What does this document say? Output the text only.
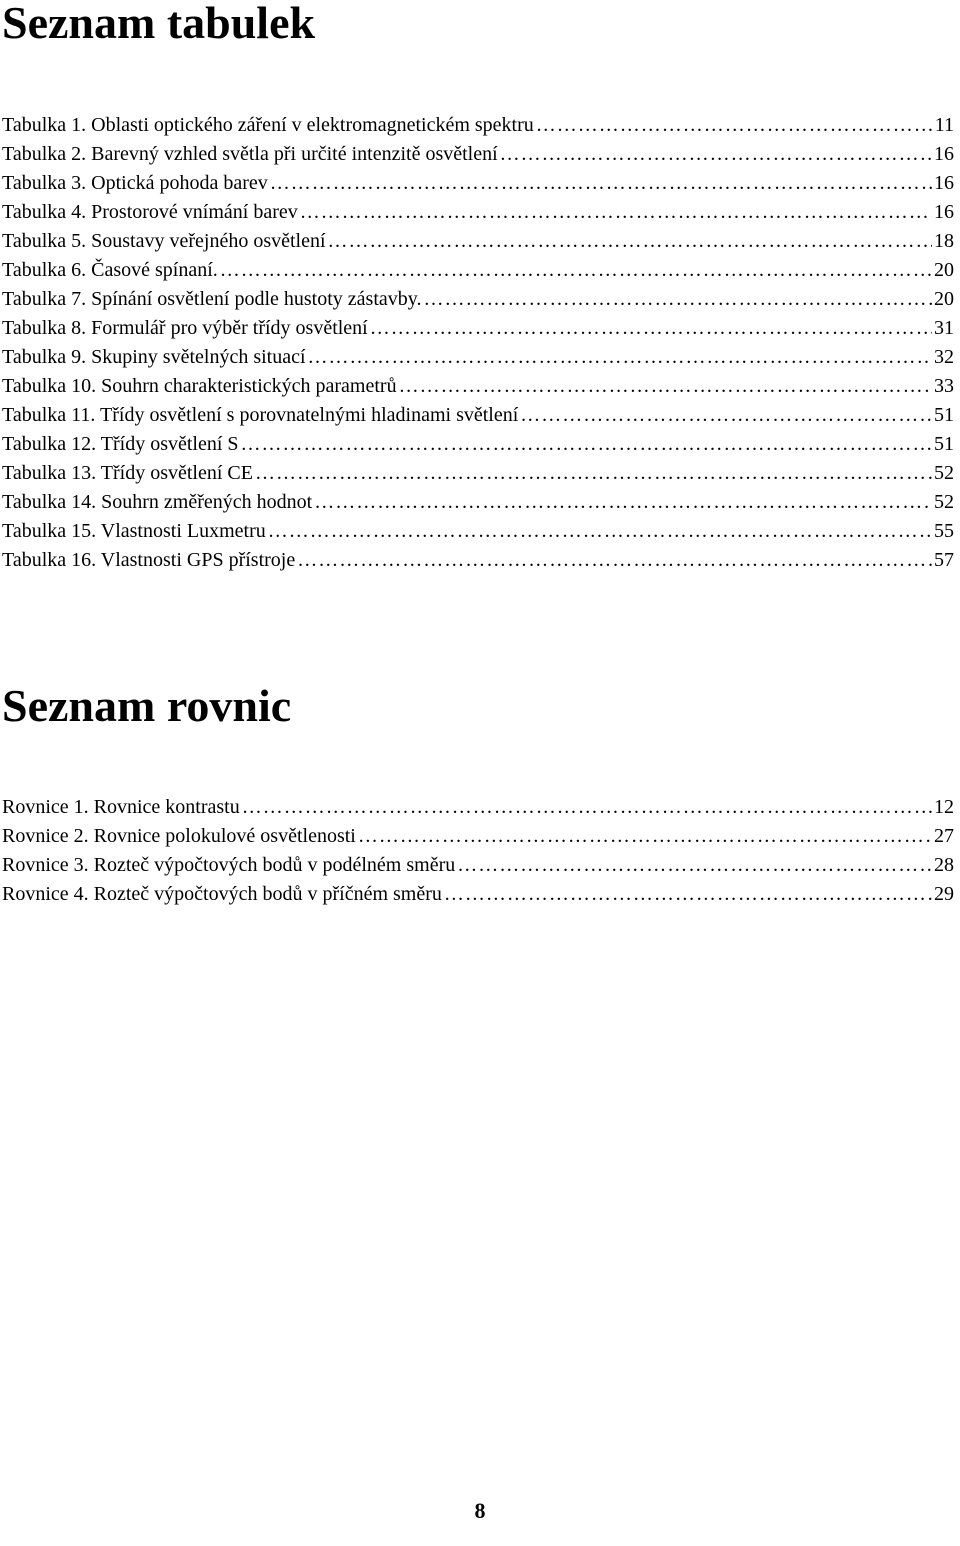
Seznam tabulek
Tabulka 1. Oblasti optického záření v elektromagnetickém spektru …………………………………………………………………………………………………………………………………………………………………………………………………	11
Tabulka 2. Barevný vzhled světla při určité intenzitě osvětlení …………………………………………………………………………………………………………………………………………………………………………………………………	16
Tabulka 3. Optická pohoda barev …………………………………………………………………………………………………………………………………………………………………………………………………	16
Tabulka 4. Prostorové vnímání barev …………………………………………………………………………………………………………………………………………………………………………………………………	16
Tabulka 5. Soustavy veřejného osvětlení …………………………………………………………………………………………………………………………………………………………………………………………………	18
Tabulka 6. Časové spínaní. …………………………………………………………………………………………………………………………………………………………………………………………………	20
Tabulka 7. Spínání osvětlení podle hustoty zástavby. …………………………………………………………………………………………………………………………………………………………………………………………………	20
Tabulka 8. Formulář pro výběr třídy osvětlení …………………………………………………………………………………………………………………………………………………………………………………………………	31
Tabulka 9. Skupiny světelných situací …………………………………………………………………………………………………………………………………………………………………………………………………	32
Tabulka 10. Souhrn charakteristických parametrů …………………………………………………………………………………………………………………………………………………………………………………………………	33
Tabulka 11. Třídy osvětlení s porovnatelnými hladinami světlení …………………………………………………………………………………………………………………………………………………………………………………………………	51
Tabulka 12. Třídy osvětlení S …………………………………………………………………………………………………………………………………………………………………………………………………	51
Tabulka 13. Třídy osvětlení CE …………………………………………………………………………………………………………………………………………………………………………………………………	52
Tabulka 14. Souhrn změřených hodnot …………………………………………………………………………………………………………………………………………………………………………………………………	52
Tabulka 15. Vlastnosti Luxmetru …………………………………………………………………………………………………………………………………………………………………………………………………	55
Tabulka 16. Vlastnosti GPS přístroje …………………………………………………………………………………………………………………………………………………………………………………………………	57
Seznam rovnic
Rovnice 1. Rovnice kontrastu …………………………………………………………………………………………………………………………………………………………………………………………………	12
Rovnice 2. Rovnice polokulové osvětlenosti …………………………………………………………………………………………………………………………………………………………………………………………………	27
Rovnice 3. Rozteč výpočtových bodů v podélném směru …………………………………………………………………………………………………………………………………………………………………………………………………	28
Rovnice 4. Rozteč výpočtových bodů v příčném směru …………………………………………………………………………………………………………………………………………………………………………………………………	29
8
